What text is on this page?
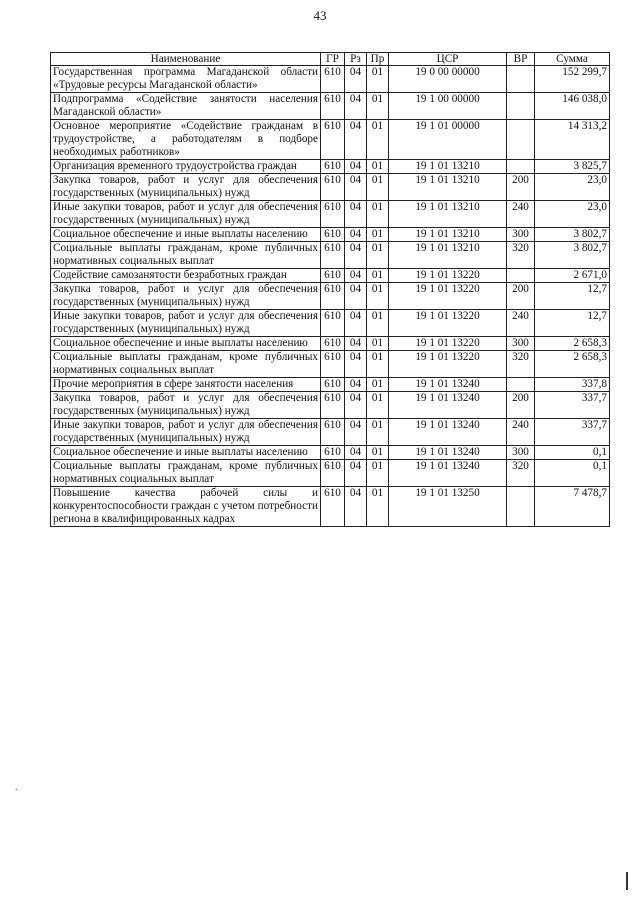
43
Наименование	ГР	Рз	Пр	ЦСР	ВР	Сумма
Государственная программа Магаданской области «Трудовые ресурсы Магаданской области»	610	04	01	19 0 00 00000		152 299,7
Подпрограмма «Содействие занятости населения Магаданской области»	610	04	01	19 1 00 00000		146 038,0
Основное мероприятие «Содействие гражданам в трудоустройстве, а работодателям в подборе необходимых работников»	610	04	01	19 1 01 00000		14 313,2
Организация временного трудоустройства граждан	610	04	01	19 1 01 13210		3 825,7
Закупка товаров, работ и услуг для обеспечения государственных (муниципальных) нужд	610	04	01	19 1 01 13210	200	23,0
Иные закупки товаров, работ и услуг для обеспечения государственных (муниципальных) нужд	610	04	01	19 1 01 13210	240	23,0
Социальное обеспечение и иные выплаты населению	610	04	01	19 1 01 13210	300	3 802,7
Социальные выплаты гражданам, кроме публичных нормативных социальных выплат	610	04	01	19 1 01 13210	320	3 802,7
Содействие самозанятости безработных граждан	610	04	01	19 1 01 13220		2 671,0
Закупка товаров, работ и услуг для обеспечения государственных (муниципальных) нужд	610	04	01	19 1 01 13220	200	12,7
Иные закупки товаров, работ и услуг для обеспечения государственных (муниципальных) нужд	610	04	01	19 1 01 13220	240	12,7
Социальное обеспечение и иные выплаты населению	610	04	01	19 1 01 13220	300	2 658,3
Социальные выплаты гражданам, кроме публичных нормативных социальных выплат	610	04	01	19 1 01 13220	320	2 658,3
Прочие мероприятия в сфере занятости населения	610	04	01	19 1 01 13240		337,8
Закупка товаров, работ и услуг для обеспечения государственных (муниципальных) нужд	610	04	01	19 1 01 13240	200	337,7
Иные закупки товаров, работ и услуг для обеспечения государственных (муниципальных) нужд	610	04	01	19 1 01 13240	240	337,7
Социальное обеспечение и иные выплаты населению	610	04	01	19 1 01 13240	300	0,1
Социальные выплаты гражданам, кроме публичных нормативных социальных выплат	610	04	01	19 1 01 13240	320	0,1
Повышение качества рабочей силы и конкурентоспособности граждан с учетом потребности региона в квалифицированных кадрах	610	04	01	19 1 01 13250		7 478,7
.
